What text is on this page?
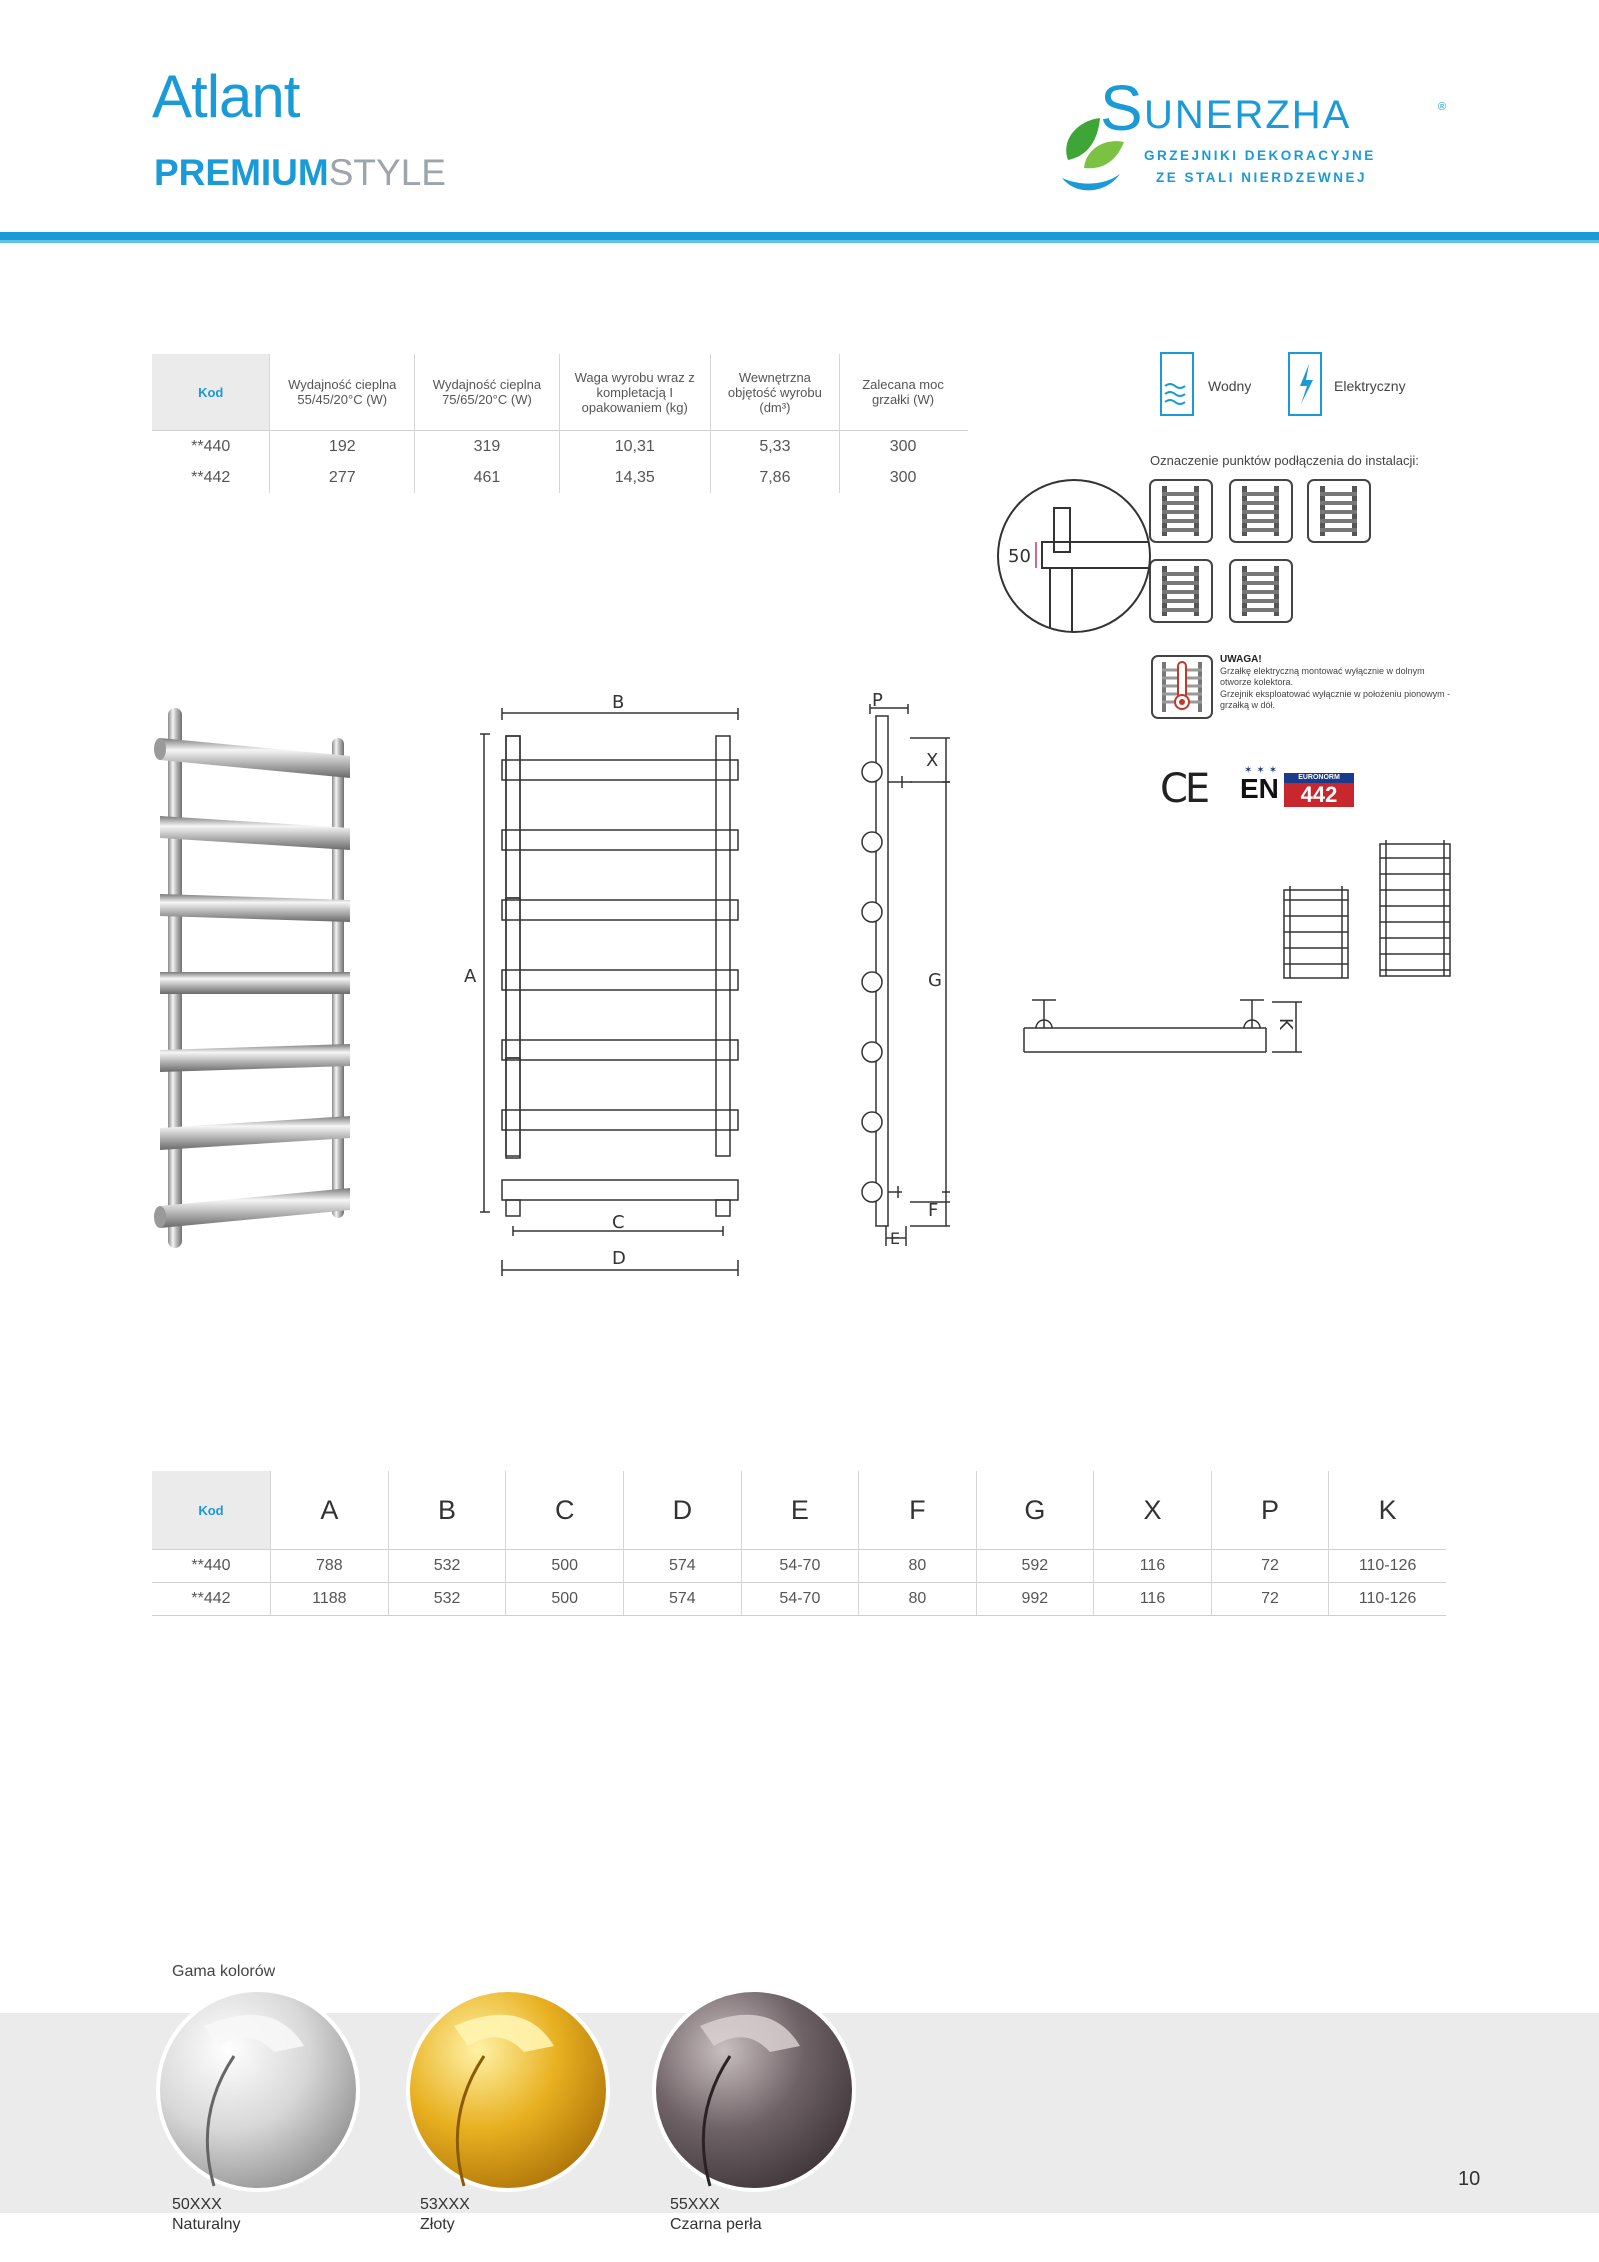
Atlant
PREMIUMSTYLE
S UNERZHA	®
GRZEJNIKI DEKORACYJNE
ZE STALI NIERDZEWNEJ
Kod	Wydajność cieplna 55/45/20°C (W)	Wydajność cieplna 75/65/20°C (W)	Waga wyrobu wraz z kompletacją I opakowaniem (kg)	Wewnętrzna objętość wyrobu (dm³)	Zalecana moc grzałki (W)	
**440	192	319	10,31	5,33	300	
**442	277	461	14,35	7,86	300	
Wodny	Elektryczny
Oznaczenie punktów podłączenia do instalacji:
50
UWAGA!
Grzałkę elektryczną montować wyłącznie w dolnym otworze kolektora.
Grzejnik eksploatować wyłącznie w położeniu pionowym - grzałką w dół.
CE	✶✶✶
EN	EURONORM
442
B
A
C
D
P
X
G
F
E
K
Kod	A	B	C	D	E	F	G	X	P	K
**440	788	532	500	574	54-70	80	592	116	72	110-126
**442	1188	532	500	574	54-70	80	992	116	72	110-126
Gama kolorów
50XXX
Naturalny
53XXX
Złoty
55XXX
Czarna perła
10
